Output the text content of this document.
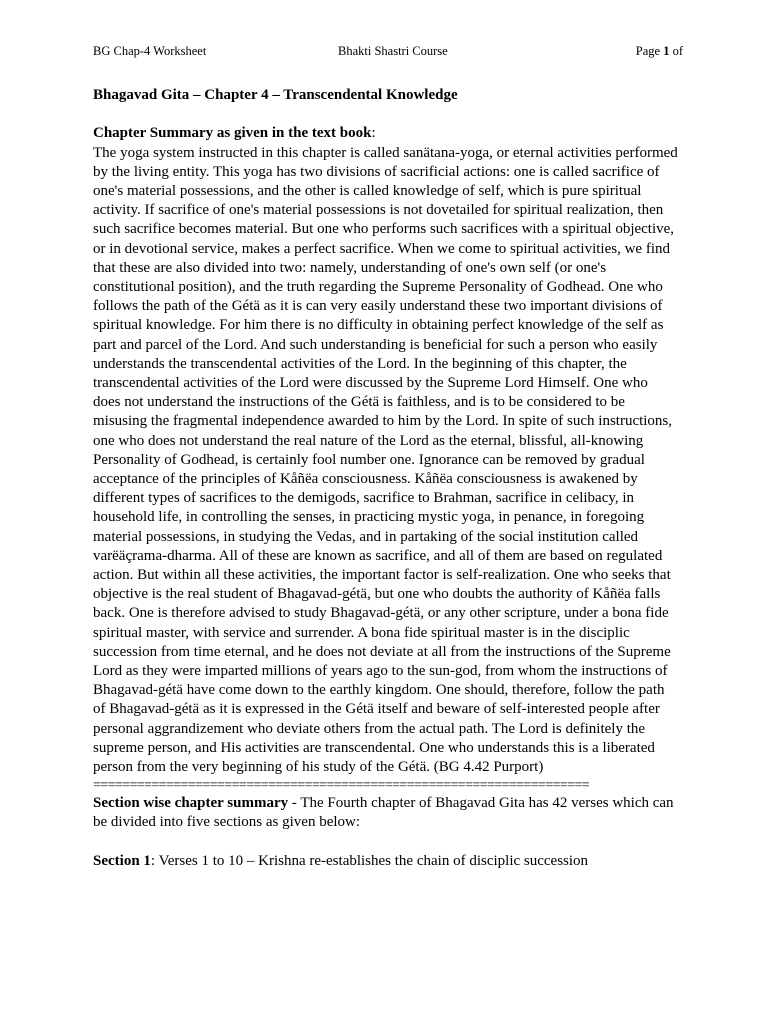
BG Chap-4 Worksheet	Bhakti Shastri Course	Page 1 of

Bhagavad Gita – Chapter 4 – Transcendental Knowledge

Chapter Summary as given in the text book:

The yoga system instructed in this chapter is called sanätana-yoga, or eternal activities performed by the living entity. This yoga has two divisions of sacrificial actions: one is called sacrifice of one's material possessions, and the other is called knowledge of self, which is pure spiritual activity. If sacrifice of one's material possessions is not dovetailed for spiritual realization, then such sacrifice becomes material. But one who performs such sacrifices with a spiritual objective, or in devotional service, makes a perfect sacrifice. When we come to spiritual activities, we find that these are also divided into two: namely, understanding of one's own self (or one's constitutional position), and the truth regarding the Supreme Personality of Godhead. One who follows the path of the Gétä as it is can very easily understand these two important divisions of spiritual knowledge. For him there is no difficulty in obtaining perfect knowledge of the self as part and parcel of the Lord. And such understanding is beneficial for such a person who easily understands the transcendental activities of the Lord. In the beginning of this chapter, the transcendental activities of the Lord were discussed by the Supreme Lord Himself. One who does not understand the instructions of the Gétä is faithless, and is to be considered to be misusing the fragmental independence awarded to him by the Lord. In spite of such instructions, one who does not understand the real nature of the Lord as the eternal, blissful, all-knowing Personality of Godhead, is certainly fool number one. Ignorance can be removed by gradual acceptance of the principles of Kåñëa consciousness. Kåñëa consciousness is awakened by different types of sacrifices to the demigods, sacrifice to Brahman, sacrifice in celibacy, in household life, in controlling the senses, in practicing mystic yoga, in penance, in foregoing material possessions, in studying the Vedas, and in partaking of the social institution called varëäçrama-dharma. All of these are known as sacrifice, and all of them are based on regulated action. But within all these activities, the important factor is self-realization. One who seeks that objective is the real student of Bhagavad-gétä, but one who doubts the authority of Kåñëa falls back. One is therefore advised to study Bhagavad-gétä, or any other scripture, under a bona fide spiritual master, with service and surrender. A bona fide spiritual master is in the disciplic succession from time eternal, and he does not deviate at all from the instructions of the Supreme Lord as they were imparted millions of years ago to the sun-god, from whom the instructions of Bhagavad-gétä have come down to the earthly kingdom. One should, therefore, follow the path of Bhagavad-gétä as it is expressed in the Gétä itself and beware of self-interested people after personal aggrandizement who deviate others from the actual path. The Lord is definitely the supreme person, and His activities are transcendental. One who understands this is a liberated person from the very beginning of his study of the Gétä. (BG 4.42 Purport)

====================================================================

Section wise chapter summary - The Fourth chapter of Bhagavad Gita has 42 verses which can be divided into five sections as given below:

Section 1: Verses 1 to 10 – Krishna re-establishes the chain of disciplic succession
